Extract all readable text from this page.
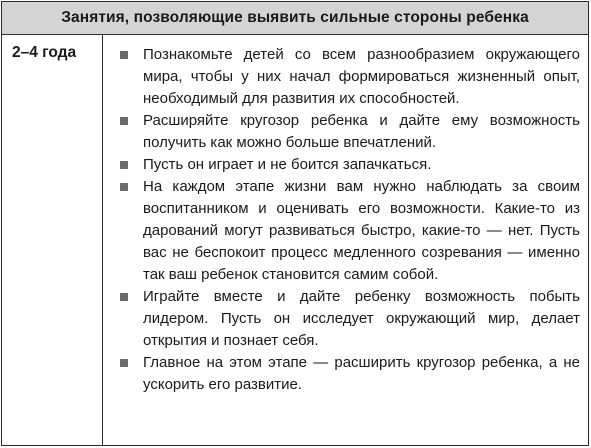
Занятия, позволяющие выявить сильные стороны ребенка
2–4 года	Познакомьте детей со всем разнообразием окружающего мира, чтобы у них начал формироваться жизненный опыт, необходимый для развития их способностей.
Расширяйте кругозор ребенка и дайте ему возможность получить как можно больше впечатлений.
Пусть он играет и не боится запачкаться.
На каждом этапе жизни вам нужно наблюдать за своим воспитанником и оценивать его возможности. Какие-то из дарований могут развиваться быстро, какие-то — нет. Пусть вас не беспокоит процесс медленного созревания — именно так ваш ребенок становится самим собой.
Играйте вместе и дайте ребенку возможность побыть лидером. Пусть он исследует окружающий мир, делает открытия и познает себя.
Главное на этом этапе — расширить кругозор ребенка, а не ускорить его развитие.
